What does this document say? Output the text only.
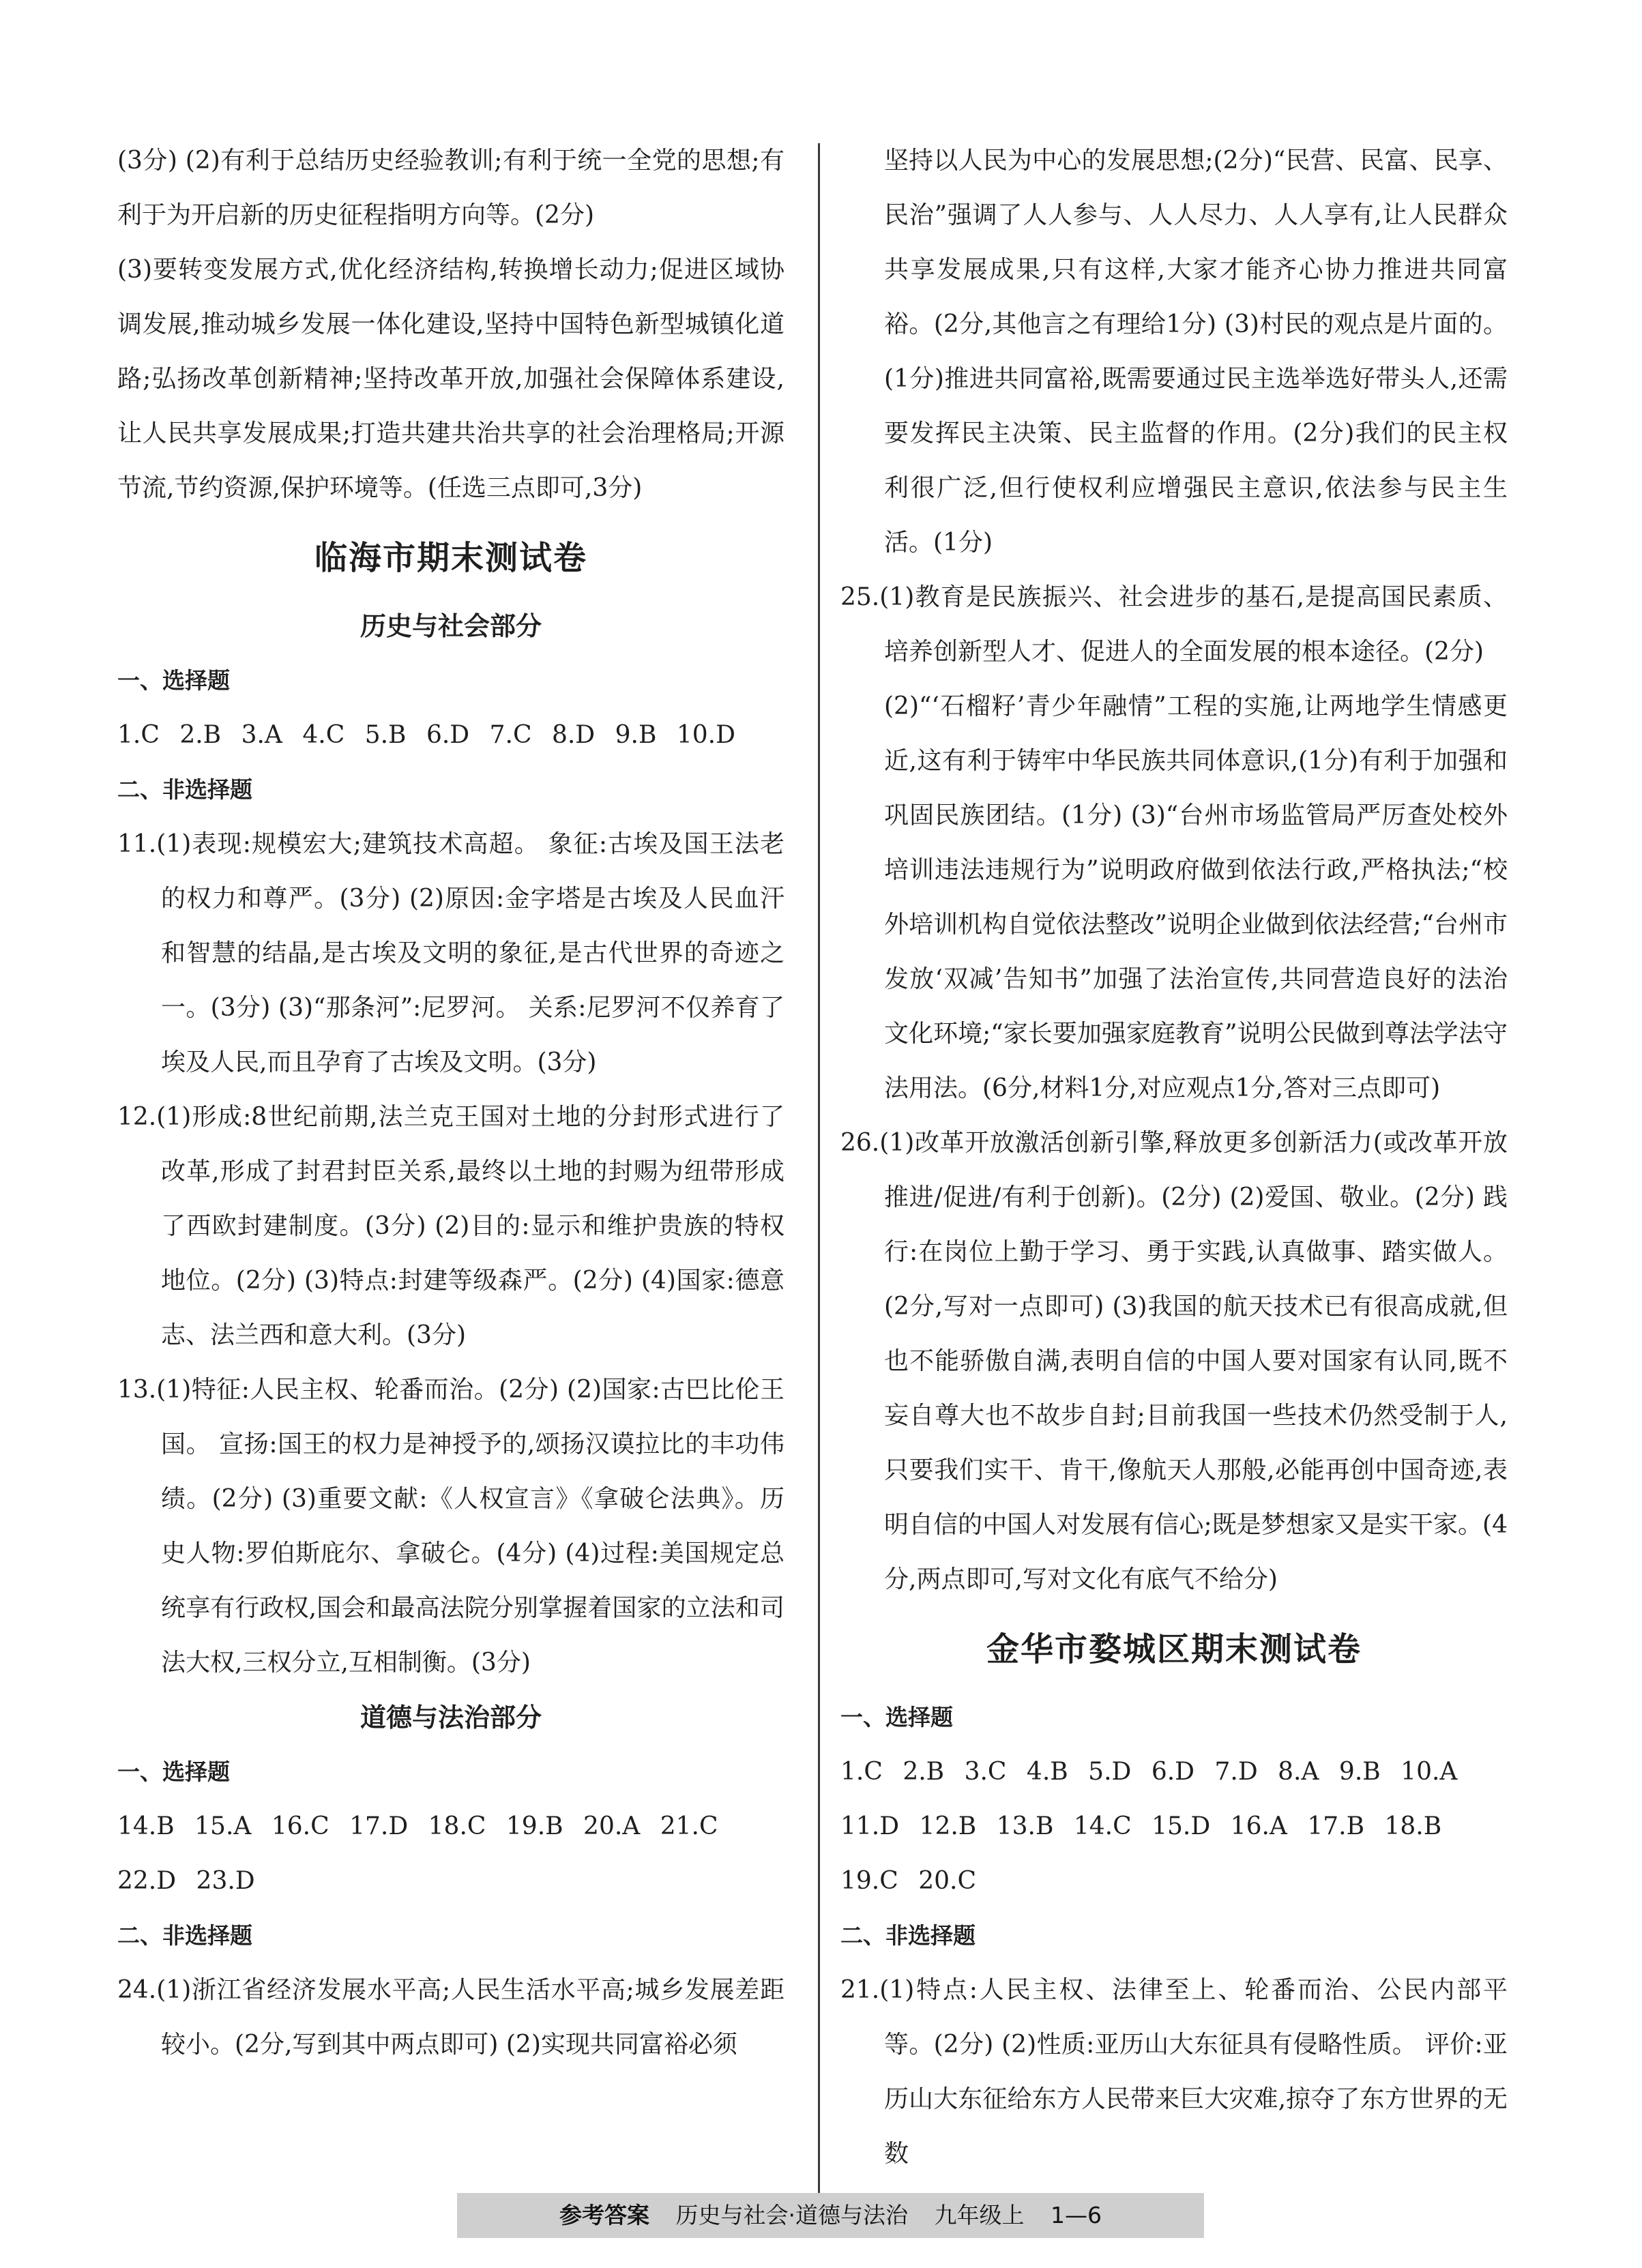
(3分) (2)有利于总结历史经验教训;有利于统一全党的思想;有利于为开启新的历史征程指明方向等。(2分)

(3)要转变发展方式,优化经济结构,转换增长动力;促进区域协调发展,推动城乡发展一体化建设,坚持中国特色新型城镇化道路;弘扬改革创新精神;坚持改革开放,加强社会保障体系建设,让人民共享发展成果;打造共建共治共享的社会治理格局;开源节流,节约资源,保护环境等。(任选三点即可,3分)

临海市期末测试卷
历史与社会部分
一、选择题
1.C 2.B 3.A 4.C 5.B 6.D 7.C 8.D 9.B 10.D
二、非选择题

11.(1)表现:规模宏大;建筑技术高超。 象征:古埃及国王法老的权力和尊严。(3分) (2)原因:金字塔是古埃及人民血汗和智慧的结晶,是古埃及文明的象征,是古代世界的奇迹之一。(3分) (3)“那条河”:尼罗河。 关系:尼罗河不仅养育了埃及人民,而且孕育了古埃及文明。(3分)

12.(1)形成:8世纪前期,法兰克王国对土地的分封形式进行了改革,形成了封君封臣关系,最终以土地的封赐为纽带形成了西欧封建制度。(3分) (2)目的:显示和维护贵族的特权地位。(2分) (3)特点:封建等级森严。(2分) (4)国家:德意志、法兰西和意大利。(3分)

13.(1)特征:人民主权、轮番而治。(2分) (2)国家:古巴比伦王国。 宣扬:国王的权力是神授予的,颂扬汉谟拉比的丰功伟绩。(2分) (3)重要文献:《人权宣言》《拿破仑法典》。历史人物:罗伯斯庇尔、拿破仑。(4分) (4)过程:美国规定总统享有行政权,国会和最高法院分别掌握着国家的立法和司法大权,三权分立,互相制衡。(3分)

道德与法治部分
一、选择题
14.B 15.A 16.C 17.D 18.C 19.B 20.A 21.C
22.D 23.D
二、非选择题

24.(1)浙江省经济发展水平高;人民生活水平高;城乡发展差距较小。(2分,写到其中两点即可) (2)实现共同富裕必须

坚持以人民为中心的发展思想;(2分)“民营、民富、民享、民治”强调了人人参与、人人尽力、人人享有,让人民群众共享发展成果,只有这样,大家才能齐心协力推进共同富裕。(2分,其他言之有理给1分) (3)村民的观点是片面的。(1分)推进共同富裕,既需要通过民主选举选好带头人,还需要发挥民主决策、民主监督的作用。(2分)我们的民主权利很广泛,但行使权利应增强民主意识,依法参与民主生活。(1分)

25.(1)教育是民族振兴、社会进步的基石,是提高国民素质、培养创新型人才、促进人的全面发展的根本途径。(2分)

(2)“‘石榴籽’青少年融情”工程的实施,让两地学生情感更近,这有利于铸牢中华民族共同体意识,(1分)有利于加强和巩固民族团结。(1分) (3)“台州市场监管局严厉查处校外培训违法违规行为”说明政府做到依法行政,严格执法;“校外培训机构自觉依法整改”说明企业做到依法经营;“台州市发放‘双减’告知书”加强了法治宣传,共同营造良好的法治文化环境;“家长要加强家庭教育”说明公民做到尊法学法守法用法。(6分,材料1分,对应观点1分,答对三点即可)

26.(1)改革开放激活创新引擎,释放更多创新活力(或改革开放推进/促进/有利于创新)。(2分) (2)爱国、敬业。(2分) 践行:在岗位上勤于学习、勇于实践,认真做事、踏实做人。(2分,写对一点即可) (3)我国的航天技术已有很高成就,但也不能骄傲自满,表明自信的中国人要对国家有认同,既不妄自尊大也不故步自封;目前我国一些技术仍然受制于人,只要我们实干、肯干,像航天人那般,必能再创中国奇迹,表明自信的中国人对发展有信心;既是梦想家又是实干家。(4分,两点即可,写对文化有底气不给分)

金华市婺城区期末测试卷
一、选择题
1.C 2.B 3.C 4.B 5.D 6.D 7.D 8.A 9.B 10.A
11.D 12.B 13.B 14.C 15.D 16.A 17.B 18.B
19.C 20.C
二、非选择题

21.(1)特点:人民主权、法律至上、轮番而治、公民内部平等。(2分) (2)性质:亚历山大东征具有侵略性质。 评价:亚历山大东征给东方人民带来巨大灾难,掠夺了东方世界的无数

参考答案 历史与社会·道德与法治 九年级上 1—6
